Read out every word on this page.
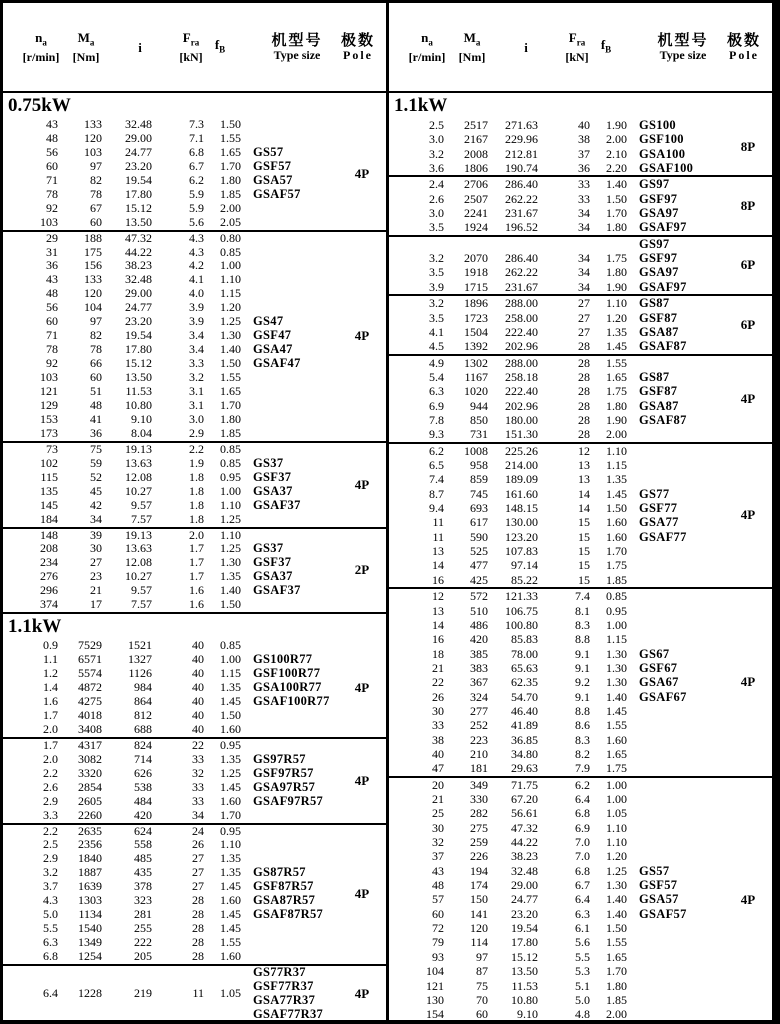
$n_a$
[r/min]
$M_a$
[Nm]
i
$F_{ra}$
[kN]
$f_B$
机型号
Type size
极数
Pole
0.75kW
43	133	32.48	7.3	1.50
48	120	29.00	7.1	1.55
56	103	24.77	6.8	1.65
60	97	23.20	6.7	1.70
71	82	19.54	6.2	1.80
78	78	17.80	5.9	1.85
92	67	15.12	5.9	2.00
103	60	13.50	5.6	2.05
GS57
GSF57
GSA57
GSAF57
4P
29	188	47.32	4.3	0.80
31	175	44.22	4.3	0.85
36	156	38.23	4.2	1.00
43	133	32.48	4.1	1.10
48	120	29.00	4.0	1.15
56	104	24.77	3.9	1.20
60	97	23.20	3.9	1.25
71	82	19.54	3.4	1.30
78	78	17.80	3.4	1.40
92	66	15.12	3.3	1.50
103	60	13.50	3.2	1.55
121	51	11.53	3.1	1.65
129	48	10.80	3.1	1.70
153	41	9.10	3.0	1.80
173	36	8.04	2.9	1.85
GS47
GSF47
GSA47
GSAF47
4P
73	75	19.13	2.2	0.85
102	59	13.63	1.9	0.85
115	52	12.08	1.8	0.95
135	45	10.27	1.8	1.00
145	42	9.57	1.8	1.10
184	34	7.57	1.8	1.25
GS37
GSF37
GSA37
GSAF37
4P
148	39	19.13	2.0	1.10
208	30	13.63	1.7	1.25
234	27	12.08	1.7	1.30
276	23	10.27	1.7	1.35
296	21	9.57	1.6	1.40
374	17	7.57	1.6	1.50
GS37
GSF37
GSA37
GSAF37
2P
1.1kW
0.9	7529	1521	40	0.85
1.1	6571	1327	40	1.00
1.2	5574	1126	40	1.15
1.4	4872	984	40	1.35
1.6	4275	864	40	1.45
1.7	4018	812	40	1.50
2.0	3408	688	40	1.60
GS100R77
GSF100R77
GSA100R77
GSAF100R77
4P
1.7	4317	824	22	0.95
2.0	3082	714	33	1.35
2.2	3320	626	32	1.25
2.6	2854	538	33	1.45
2.9	2605	484	33	1.60
3.3	2260	420	34	1.70
GS97R57
GSF97R57
GSA97R57
GSAF97R57
4P
2.2	2635	624	24	0.95
2.5	2356	558	26	1.10
2.9	1840	485	27	1.35
3.2	1887	435	27	1.35
3.7	1639	378	27	1.45
4.3	1303	323	28	1.60
5.0	1134	281	28	1.45
5.5	1540	255	28	1.45
6.3	1349	222	28	1.55
6.8	1254	205	28	1.60
GS87R57
GSF87R57
GSA87R57
GSAF87R57
4P
6.4	1228	219	11	1.05
GS77R37
GSF77R37
GSA77R37
GSAF77R37
4P
$n_a$
[r/min]
$M_a$
[Nm]
i
$F_{ra}$
[kN]
$f_B$
机型号
Type size
极数
Pole
1.1kW
2.5	2517	271.63	40	1.90
3.0	2167	229.96	38	2.00
3.2	2008	212.81	37	2.10
3.6	1806	190.74	36	2.20
GS100
GSF100
GSA100
GSAF100
8P
2.4	2706	286.40	33	1.40
2.6	2507	262.22	33	1.50
3.0	2241	231.67	34	1.70
3.5	1924	196.52	34	1.80
GS97
GSF97
GSA97
GSAF97
8P
3.2	2070	286.40	34	1.75
3.5	1918	262.22	34	1.80
3.9	1715	231.67	34	1.90
GS97
GSF97
GSA97
GSAF97
6P
3.2	1896	288.00	27	1.10
3.5	1723	258.00	27	1.20
4.1	1504	222.40	27	1.35
4.5	1392	202.96	28	1.45
GS87
GSF87
GSA87
GSAF87
6P
4.9	1302	288.00	28	1.55
5.4	1167	258.18	28	1.65
6.3	1020	222.40	28	1.75
6.9	944	202.96	28	1.80
7.8	850	180.00	28	1.90
9.3	731	151.30	28	2.00
GS87
GSF87
GSA87
GSAF87
4P
6.2	1008	225.26	12	1.10
6.5	958	214.00	13	1.15
7.4	859	189.09	13	1.35
8.7	745	161.60	14	1.45
9.4	693	148.15	14	1.50
11	617	130.00	15	1.60
11	590	123.20	15	1.60
13	525	107.83	15	1.70
14	477	97.14	15	1.75
16	425	85.22	15	1.85
GS77
GSF77
GSA77
GSAF77
4P
12	572	121.33	7.4	0.85
13	510	106.75	8.1	0.95
14	486	100.80	8.3	1.00
16	420	85.83	8.8	1.15
18	385	78.00	9.1	1.30
21	383	65.63	9.1	1.30
22	367	62.35	9.2	1.30
26	324	54.70	9.1	1.40
30	277	46.40	8.8	1.45
33	252	41.89	8.6	1.55
38	223	36.85	8.3	1.60
40	210	34.80	8.2	1.65
47	181	29.63	7.9	1.75
GS67
GSF67
GSA67
GSAF67
4P
20	349	71.75	6.2	1.00
21	330	67.20	6.4	1.00
25	282	56.61	6.8	1.05
30	275	47.32	6.9	1.10
32	259	44.22	7.0	1.10
37	226	38.23	7.0	1.20
43	194	32.48	6.8	1.25
48	174	29.00	6.7	1.30
57	150	24.77	6.4	1.40
60	141	23.20	6.3	1.40
72	120	19.54	6.1	1.50
79	114	17.80	5.6	1.55
93	97	15.12	5.5	1.65
104	87	13.50	5.3	1.70
121	75	11.53	5.1	1.80
130	70	10.80	5.0	1.85
154	60	9.10	4.8	2.00
GS57
GSF57
GSA57
GSAF57
4P
